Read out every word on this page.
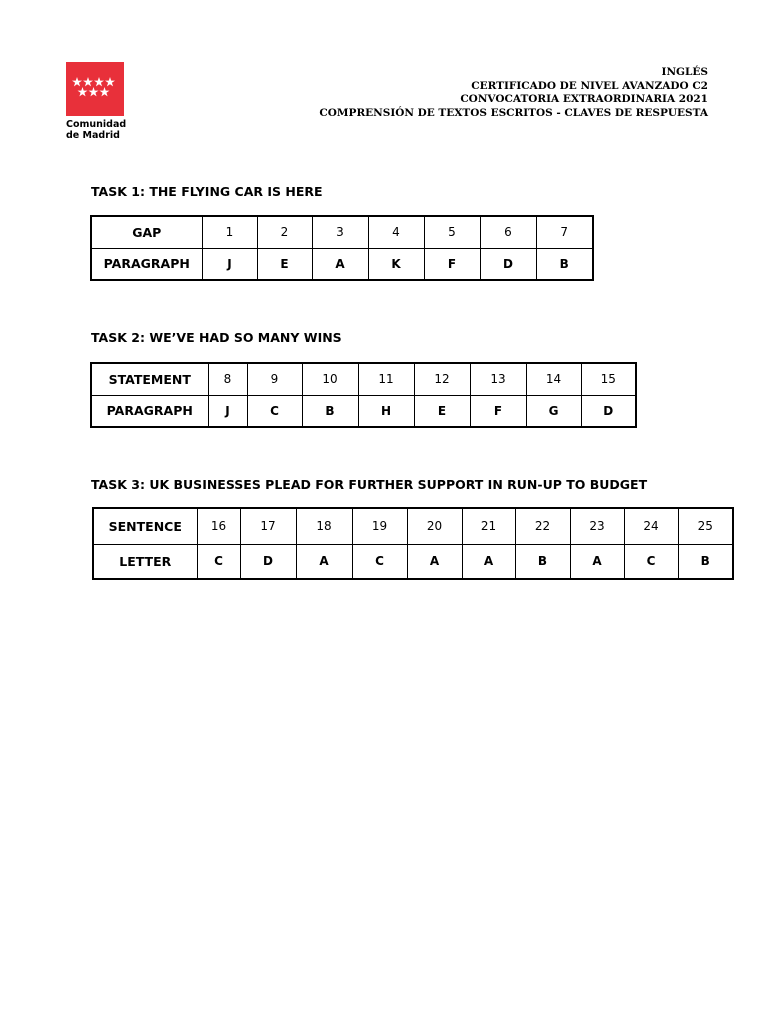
Comunidad
de Madrid
INGLÉS
CERTIFICADO DE NIVEL AVANZADO C2
CONVOCATORIA EXTRAORDINARIA 2021
COMPRENSIÓN DE TEXTOS ESCRITOS - CLAVES DE RESPUESTA
TASK 1: THE FLYING CAR IS HERE
GAP	1	2	3	4	5	6	7
PARAGRAPH	J	E	A	K	F	D	B
TASK 2: WE’VE HAD SO MANY WINS
STATEMENT	8	9	10	11	12	13	14	15
PARAGRAPH	J	C	B	H	E	F	G	D
TASK 3: UK BUSINESSES PLEAD FOR FURTHER SUPPORT IN RUN-UP TO BUDGET
SENTENCE	16	17	18	19	20	21	22	23	24	25
LETTER	C	D	A	C	A	A	B	A	C	B
